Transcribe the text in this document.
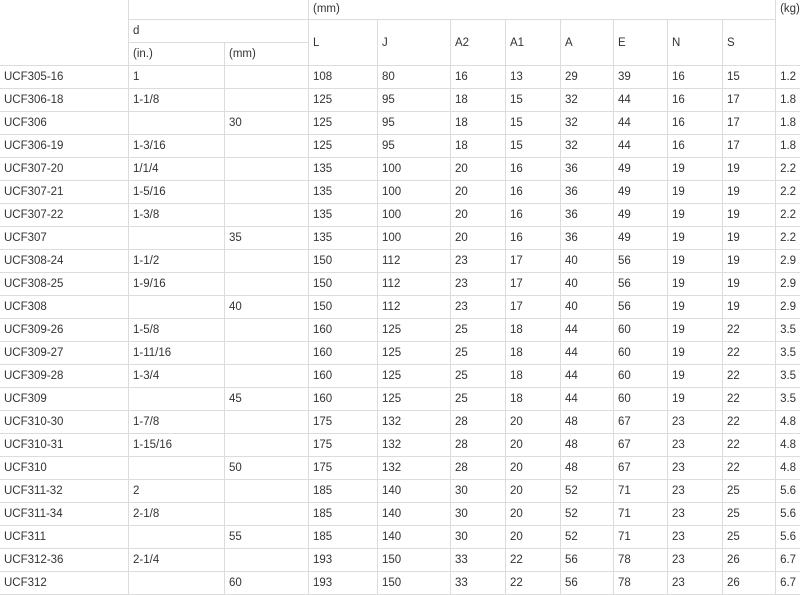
			(mm)								(kg)
	d		L	J	A2	A1	A	E	N	S	
	(in.)	(mm)									
UCF305-16	1		108	80	16	13	29	39	16	15	1.2
UCF306-18	1-1/8		125	95	18	15	32	44	16	17	1.8
UCF306		30	125	95	18	15	32	44	16	17	1.8
UCF306-19	1-3/16		125	95	18	15	32	44	16	17	1.8
UCF307-20	1/1/4		135	100	20	16	36	49	19	19	2.2
UCF307-21	1-5/16		135	100	20	16	36	49	19	19	2.2
UCF307-22	1-3/8		135	100	20	16	36	49	19	19	2.2
UCF307		35	135	100	20	16	36	49	19	19	2.2
UCF308-24	1-1/2		150	112	23	17	40	56	19	19	2.9
UCF308-25	1-9/16		150	112	23	17	40	56	19	19	2.9
UCF308		40	150	112	23	17	40	56	19	19	2.9
UCF309-26	1-5/8		160	125	25	18	44	60	19	22	3.5
UCF309-27	1-11/16		160	125	25	18	44	60	19	22	3.5
UCF309-28	1-3/4		160	125	25	18	44	60	19	22	3.5
UCF309		45	160	125	25	18	44	60	19	22	3.5
UCF310-30	1-7/8		175	132	28	20	48	67	23	22	4.8
UCF310-31	1-15/16		175	132	28	20	48	67	23	22	4.8
UCF310		50	175	132	28	20	48	67	23	22	4.8
UCF311-32	2		185	140	30	20	52	71	23	25	5.6
UCF311-34	2-1/8		185	140	30	20	52	71	23	25	5.6
UCF311		55	185	140	30	20	52	71	23	25	5.6
UCF312-36	2-1/4		193	150	33	22	56	78	23	26	6.7
UCF312		60	193	150	33	22	56	78	23	26	6.7
